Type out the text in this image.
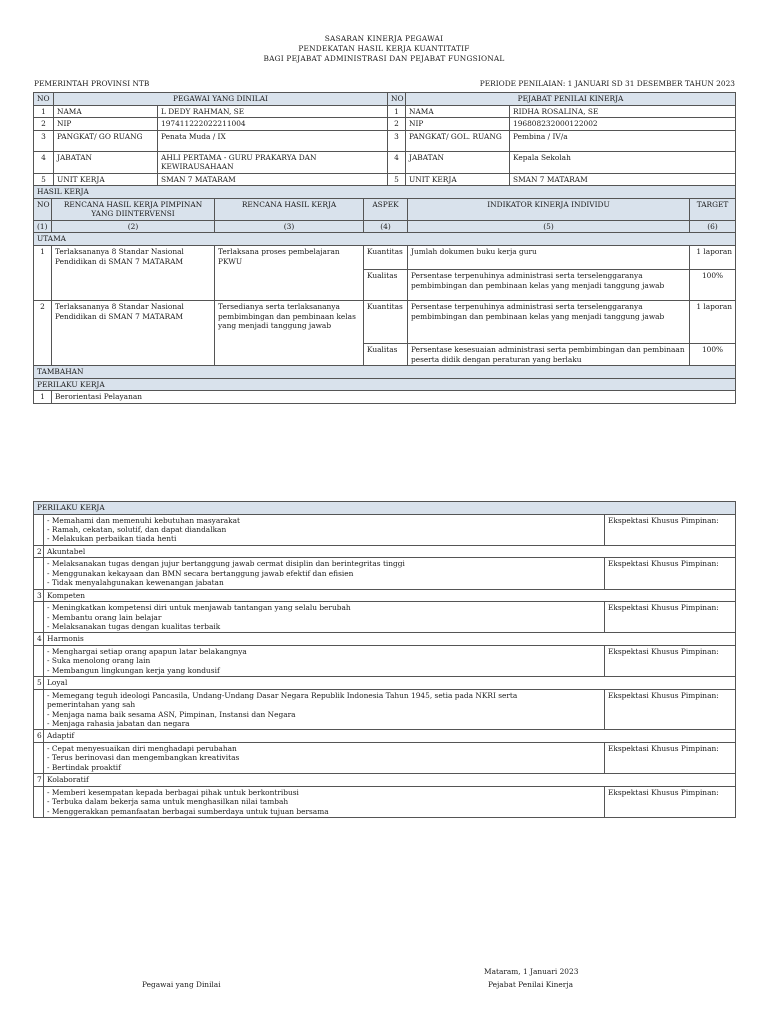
SASARAN KINERJA PEGAWAI
PENDEKATAN HASIL KERJA KUANTITATIF
BAGI PEJABAT ADMINISTRASI DAN PEJABAT FUNGSIONAL
PEMERINTAH PROVINSI NTB	PERIODE PENILAIAN: 1 JANUARI SD 31 DESEMBER TAHUN 2023
NO	PEGAWAI YANG DINILAI		NO	PEJABAT PENILAI KINERJA	
1	NAMA	L DEDY RAHMAN, SE	1	NAMA	RIDHA ROSALINA, SE
2	NIP	197411222022211004	2	NIP	196808232000122002
3	PANGKAT/ GO RUANG	Penata Muda / IX	3	PANGKAT/ GOL. RUANG	Pembina / IV/a
4	JABATAN	AHLI PERTAMA - GURU PRAKARYA DAN KEWIRAUSAHAAN	4	JABATAN	Kepala Sekolah
5	UNIT KERJA	SMAN 7 MATARAM	5	UNIT KERJA	SMAN 7 MATARAM
HASIL KERJA					
NO	RENCANA HASIL KERJA PIMPINAN YANG DIINTERVENSI	RENCANA HASIL KERJA	ASPEK	INDIKATOR KINERJA INDIVIDU	TARGET
(1)	(2)	(3)	(4)	(5)	(6)
UTAMA					
1	Terlaksananya 8 Standar Nasional Pendidikan di SMAN 7 MATARAM	Terlaksana proses pembelajaran PKWU	Kuantitas	Jumlah dokumen buku kerja guru	1 laporan
			Kualitas	Persentase terpenuhinya administrasi serta terselenggaranya pembimbingan dan pembinaan kelas yang menjadi tanggung jawab	100%
2	Terlaksananya 8 Standar Nasional Pendidikan di SMAN 7 MATARAM	Tersedianya serta terlaksananya pembimbingan dan pembinaan kelas yang menjadi tanggung jawab	Kuantitas	Persentase terpenuhinya administrasi serta terselenggaranya pembimbingan dan pembinaan kelas yang menjadi tanggung jawab	1 laporan
			Kualitas	Persentase kesesuaian administrasi serta pembimbingan dan pembinaan peserta didik dengan peraturan yang berlaku	100%
TAMBAHAN					
PERILAKU KERJA					
1	Berorientasi Pelayanan				
PERILAKU KERJA		

	- Memahami dan memenuhi kebutuhan masyarakat
- Ramah, cekatan, solutif, dan dapat diandalkan
- Melakukan perbaikan tiada henti	Ekspektasi Khusus Pimpinan:
2	Akuntabel	

	- Melaksanakan tugas dengan jujur bertanggung jawab cermat disiplin dan berintegritas tinggi
- Menggunakan kekayaan dan BMN secara bertanggung jawab efektif dan efisien
- Tidak menyalahgunakan kewenangan jabatan	Ekspektasi Khusus Pimpinan:
3	Kompeten	

	- Meningkatkan kompetensi diri untuk menjawab tantangan yang selalu berubah
- Membantu orang lain belajar
- Melaksanakan tugas dengan kualitas terbaik	Ekspektasi Khusus Pimpinan:
4	Harmonis	

	- Menghargai setiap orang apapun latar belakangnya
- Suka menolong orang lain
- Membangun lingkungan kerja yang kondusif	Ekspektasi Khusus Pimpinan:
5	Loyal	

	- Memegang teguh ideologi Pancasila, Undang-Undang Dasar Negara Republik Indonesia Tahun 1945, setia pada NKRI serta
pemerintahan yang sah
- Menjaga nama baik sesama ASN, Pimpinan, Instansi dan Negara
- Menjaga rahasia jabatan dan negara	Ekspektasi Khusus Pimpinan:
6	Adaptif	

	- Cepat menyesuaikan diri menghadapi perubahan
- Terus berinovasi dan mengembangkan kreativitas
- Bertindak proaktif	Ekspektasi Khusus Pimpinan:
7	Kolaboratif	

	- Memberi kesempatan kepada berbagai pihak untuk berkontribusi
- Terbuka dalam bekerja sama untuk menghasilkan nilai tambah
- Menggerakkan pemanfaatan berbagai sumberdaya untuk tujuan bersama	Ekspektasi Khusus Pimpinan:
Mataram, 1 Januari 2023
Pegawai yang Dinilai	Pejabat Penilai Kinerja
